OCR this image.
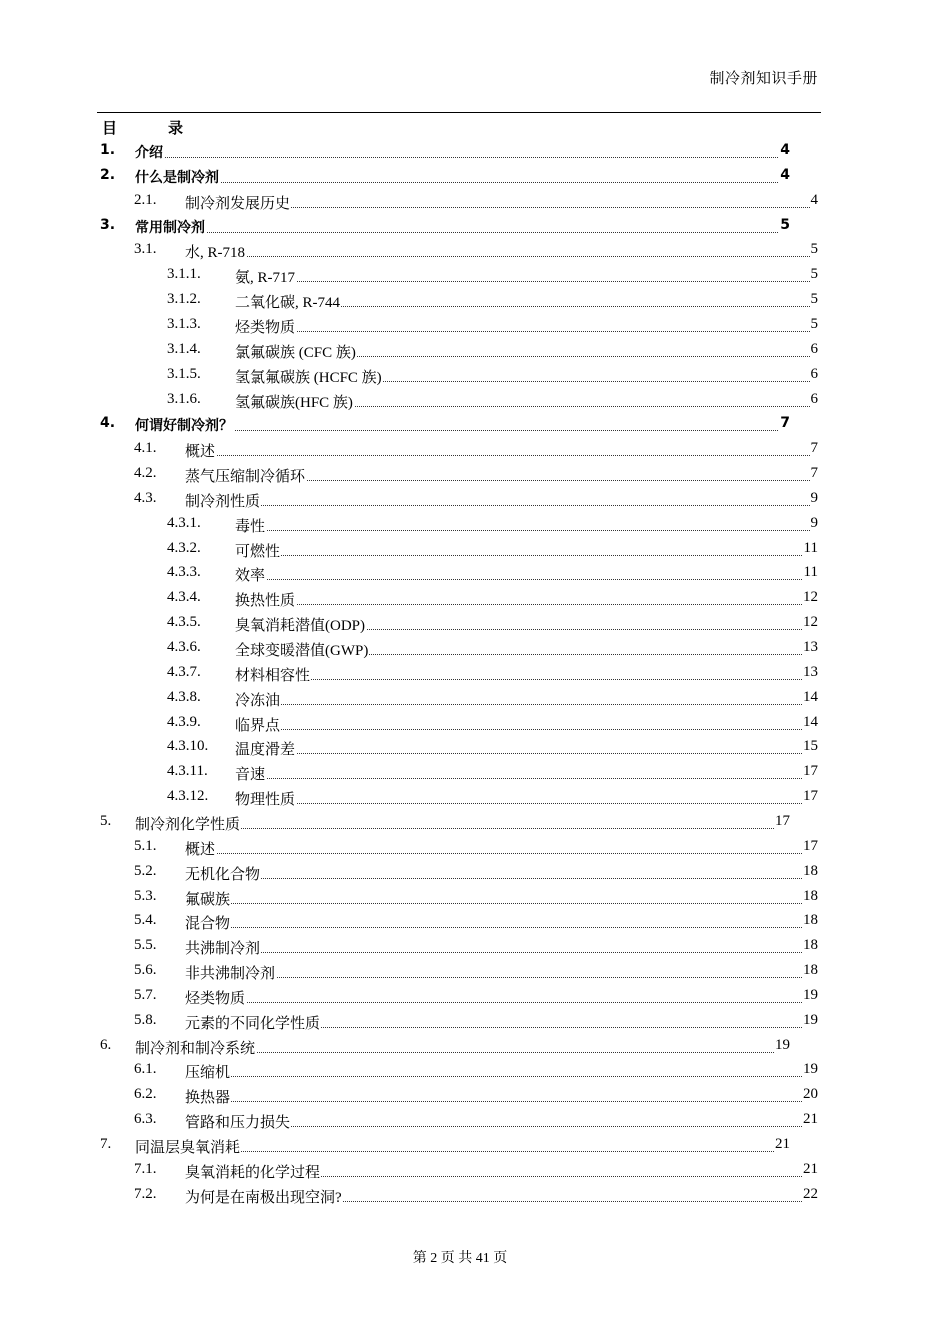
制冷剂知识手册
目	录
1. 介绍	4
2. 什么是制冷剂	4
2.1. 制冷剂发展历史	4
3. 常用制冷剂	5
3.1. 水, R-718	5
3.1.1. 氨, R-717	5
3.1.2. 二氧化碳, R-744	5
3.1.3. 烃类物质	5
3.1.4. 氯氟碳族 (CFC 族)	6
3.1.5. 氢氯氟碳族 (HCFC 族)	6
3.1.6. 氢氟碳族(HFC 族)	6
4. 何谓好制冷剂？	7
4.1. 概述	7
4.2. 蒸气压缩制冷循环	7
4.3. 制冷剂性质	9
4.3.1. 毒性	9
4.3.2. 可燃性	11
4.3.3. 效率	11
4.3.4. 换热性质	12
4.3.5. 臭氧消耗潜值(ODP)	12
4.3.6. 全球变暖潜值(GWP)	13
4.3.7. 材料相容性	13
4.3.8. 冷冻油	14
4.3.9. 临界点	14
4.3.10. 温度滑差	15
4.3.11. 音速	17
4.3.12. 物理性质	17
5. 制冷剂化学性质	17
5.1. 概述	17
5.2. 无机化合物	18
5.3. 氟碳族	18
5.4. 混合物	18
5.5. 共沸制冷剂	18
5.6. 非共沸制冷剂	18
5.7. 烃类物质	19
5.8. 元素的不同化学性质	19
6. 制冷剂和制冷系统	19
6.1. 压缩机	19
6.2. 换热器	20
6.3. 管路和压力损失	21
7. 同温层臭氧消耗	21
7.1. 臭氧消耗的化学过程	21
7.2. 为何是在南极出现空洞?	22
第 2 页 共 41 页
